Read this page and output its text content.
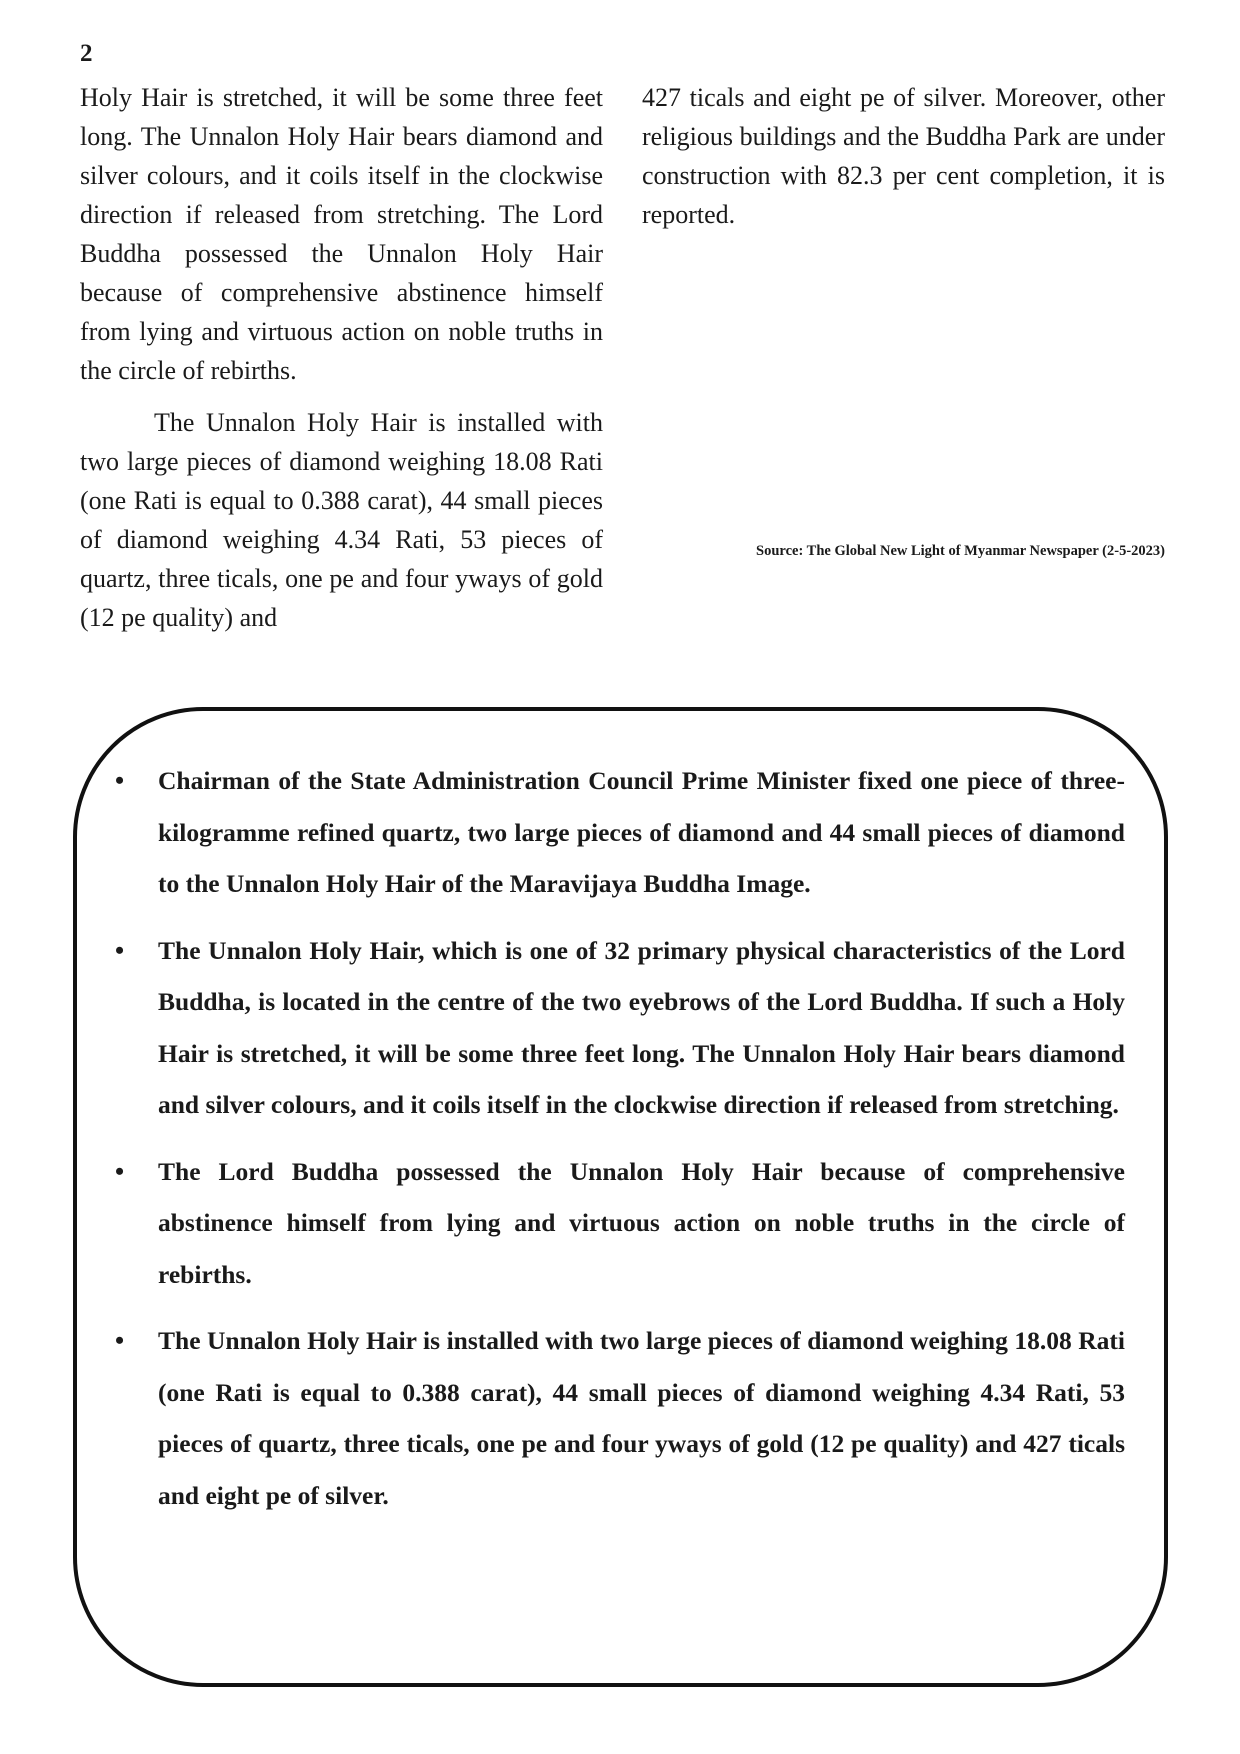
2

Holy Hair is stretched, it will be some three feet long. The Unnalon Holy Hair bears diamond and silver colours, and it coils itself in the clockwise direction if released from stretching. The Lord Buddha possessed the Unnalon Holy Hair because of comprehensive abstinence himself from lying and virtuous action on noble truths in the circle of rebirths.

The Unnalon Holy Hair is installed with two large pieces of diamond weighing 18.08 Rati (one Rati is equal to 0.388 carat), 44 small pieces of diamond weighing 4.34 Rati, 53 pieces of quartz, three ticals, one pe and four yways of gold (12 pe quality) and

427 ticals and eight pe of silver. Moreover, other religious buildings and the Buddha Park are under construction with 82.3 per cent completion, it is reported.

Source: The Global New Light of Myanmar Newspaper (2-5-2023)
• Chairman of the State Administration Council Prime Minister fixed one piece of three-kilogramme refined quartz, two large pieces of diamond and 44 small pieces of diamond to the Unnalon Holy Hair of the Maravijaya Buddha Image.
• The Unnalon Holy Hair, which is one of 32 primary physical characteristics of the Lord Buddha, is located in the centre of the two eyebrows of the Lord Buddha. If such a Holy Hair is stretched, it will be some three feet long. The Unnalon Holy Hair bears diamond and silver colours, and it coils itself in the clockwise direction if released from stretching.
• The Lord Buddha possessed the Unnalon Holy Hair because of comprehensive abstinence himself from lying and virtuous action on noble truths in the circle of rebirths.
• The Unnalon Holy Hair is installed with two large pieces of diamond weighing 18.08 Rati (one Rati is equal to 0.388 carat), 44 small pieces of diamond weighing 4.34 Rati, 53 pieces of quartz, three ticals, one pe and four yways of gold (12 pe quality) and 427 ticals and eight pe of silver.
